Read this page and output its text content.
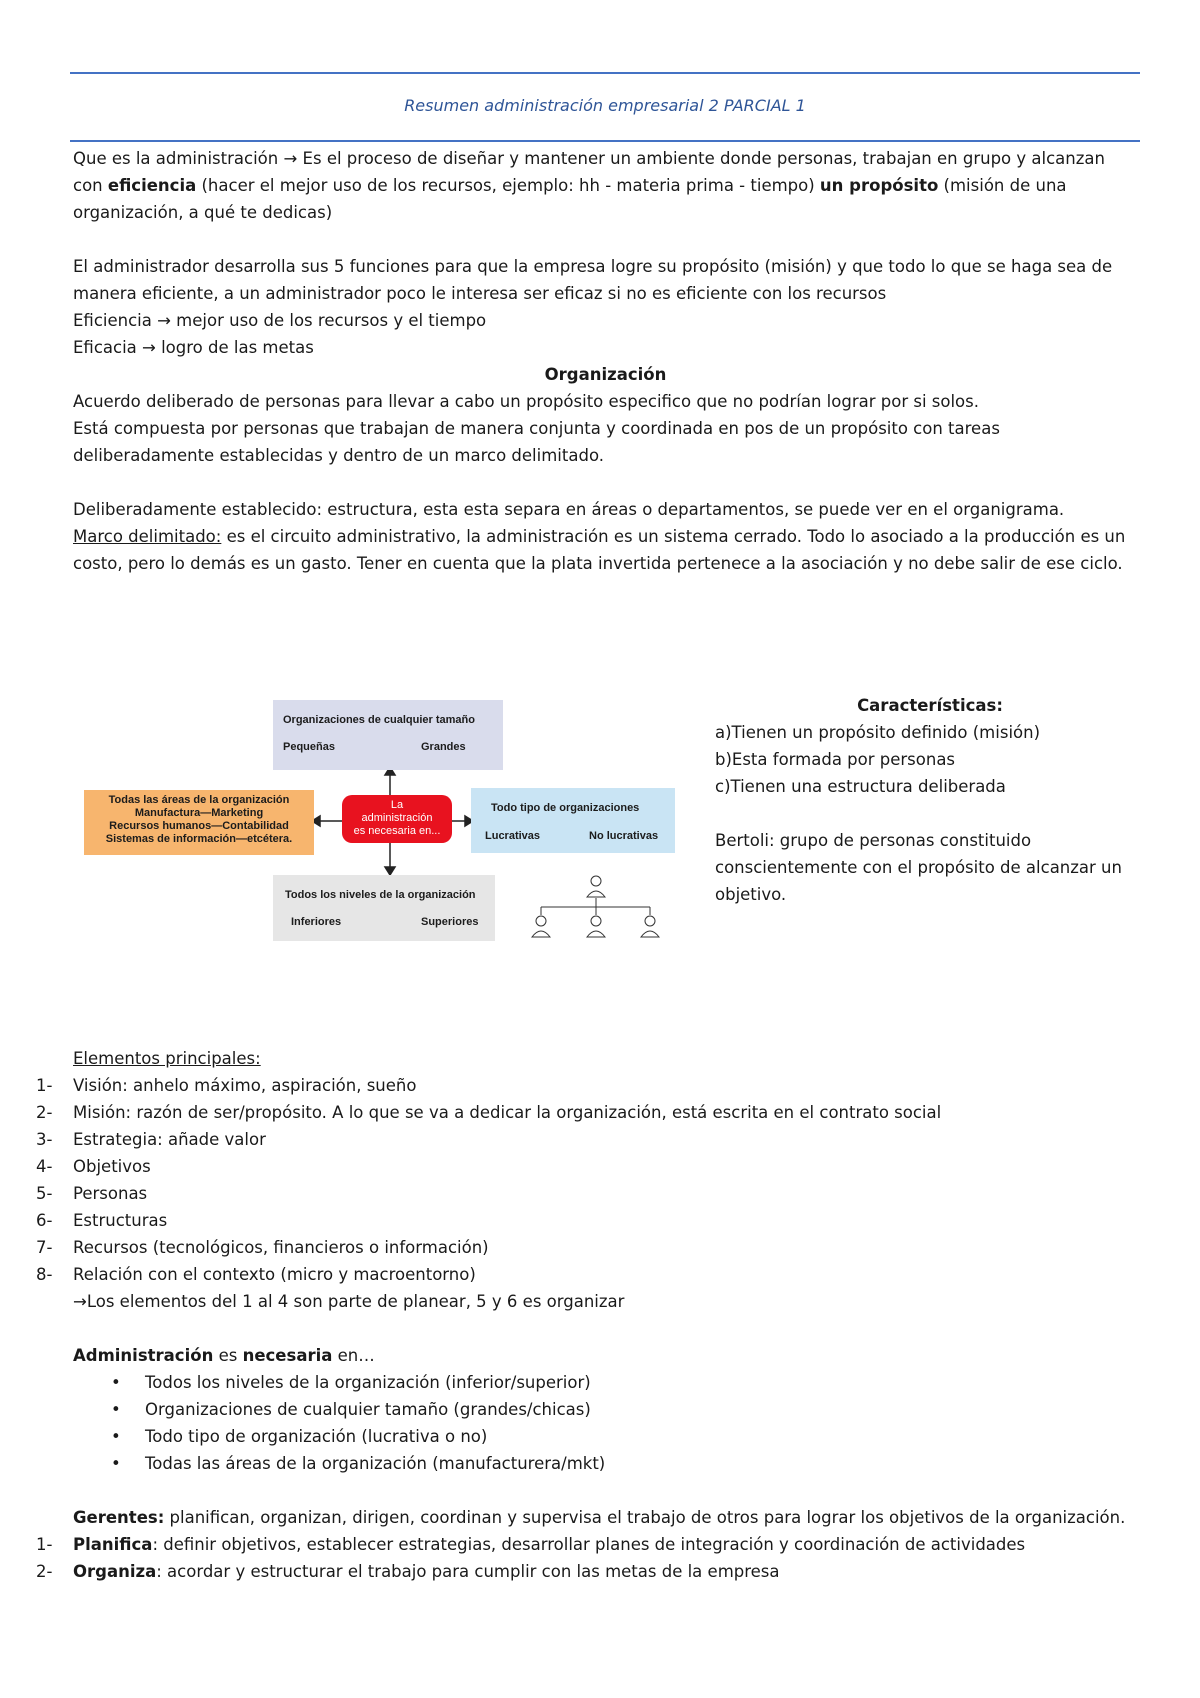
Resumen administración empresarial 2 PARCIAL 1

Que es la administración → Es el proceso de diseñar y mantener un ambiente donde personas, trabajan en grupo y alcanzan con eficiencia (hacer el mejor uso de los recursos, ejemplo: hh - materia prima - tiempo) un propósito (misión de una organización, a qué te dedicas)

El administrador desarrolla sus 5 funciones para que la empresa logre su propósito (misión) y que todo lo que se haga sea de manera eficiente, a un administrador poco le interesa ser eficaz si no es eficiente con los recursos

Eficiencia → mejor uso de los recursos y el tiempo

Eficacia → logro de las metas

Organización

Acuerdo deliberado de personas para llevar a cabo un propósito especifico que no podrían lograr por si solos.

Está compuesta por personas que trabajan de manera conjunta y coordinada en pos de un propósito con tareas deliberadamente establecidas y dentro de un marco delimitado.

Deliberadamente establecido: estructura, esta esta separa en áreas o departamentos, se puede ver en el organigrama.

Marco delimitado: es el circuito administrativo, la administración es un sistema cerrado. Todo lo asociado a la producción es un costo, pero lo demás es un gasto. Tener en cuenta que la plata invertida pertenece a la asociación y no debe salir de ese ciclo.

Organizaciones de cualquier tamaño
Pequeñas	Grandes
Todas las áreas de la organización
Manufactura—Marketing
Recursos humanos—Contabilidad
Sistemas de información—etcétera.
La
administración
es necesaria en...
Todo tipo de organizaciones
Lucrativas	No lucrativas
Todos los niveles de la organización
Inferiores	Superiores

Características:

a)Tienen un propósito definido (misión)

b)Esta formada por personas

c)Tienen una estructura deliberada

Bertoli: grupo de personas constituido conscientemente con el propósito de alcanzar un objetivo.

Elementos principales:

1- Visión: anhelo máximo, aspiración, sueño

2- Misión: razón de ser/propósito. A lo que se va a dedicar la organización, está escrita en el contrato social

3- Estrategia: añade valor

4- Objetivos

5- Personas

6- Estructuras

7- Recursos (tecnológicos, financieros o información)

8- Relación con el contexto (micro y macroentorno)

→Los elementos del 1 al 4 son parte de planear, 5 y 6 es organizar

Administración es necesaria en…

• Todos los niveles de la organización (inferior/superior)

• Organizaciones de cualquier tamaño (grandes/chicas)

• Todo tipo de organización (lucrativa o no)

• Todas las áreas de la organización (manufacturera/mkt)

Gerentes: planifican, organizan, dirigen, coordinan y supervisa el trabajo de otros para lograr los objetivos de la organización.

1- Planifica: definir objetivos, establecer estrategias, desarrollar planes de integración y coordinación de actividades

2- Organiza: acordar y estructurar el trabajo para cumplir con las metas de la empresa
